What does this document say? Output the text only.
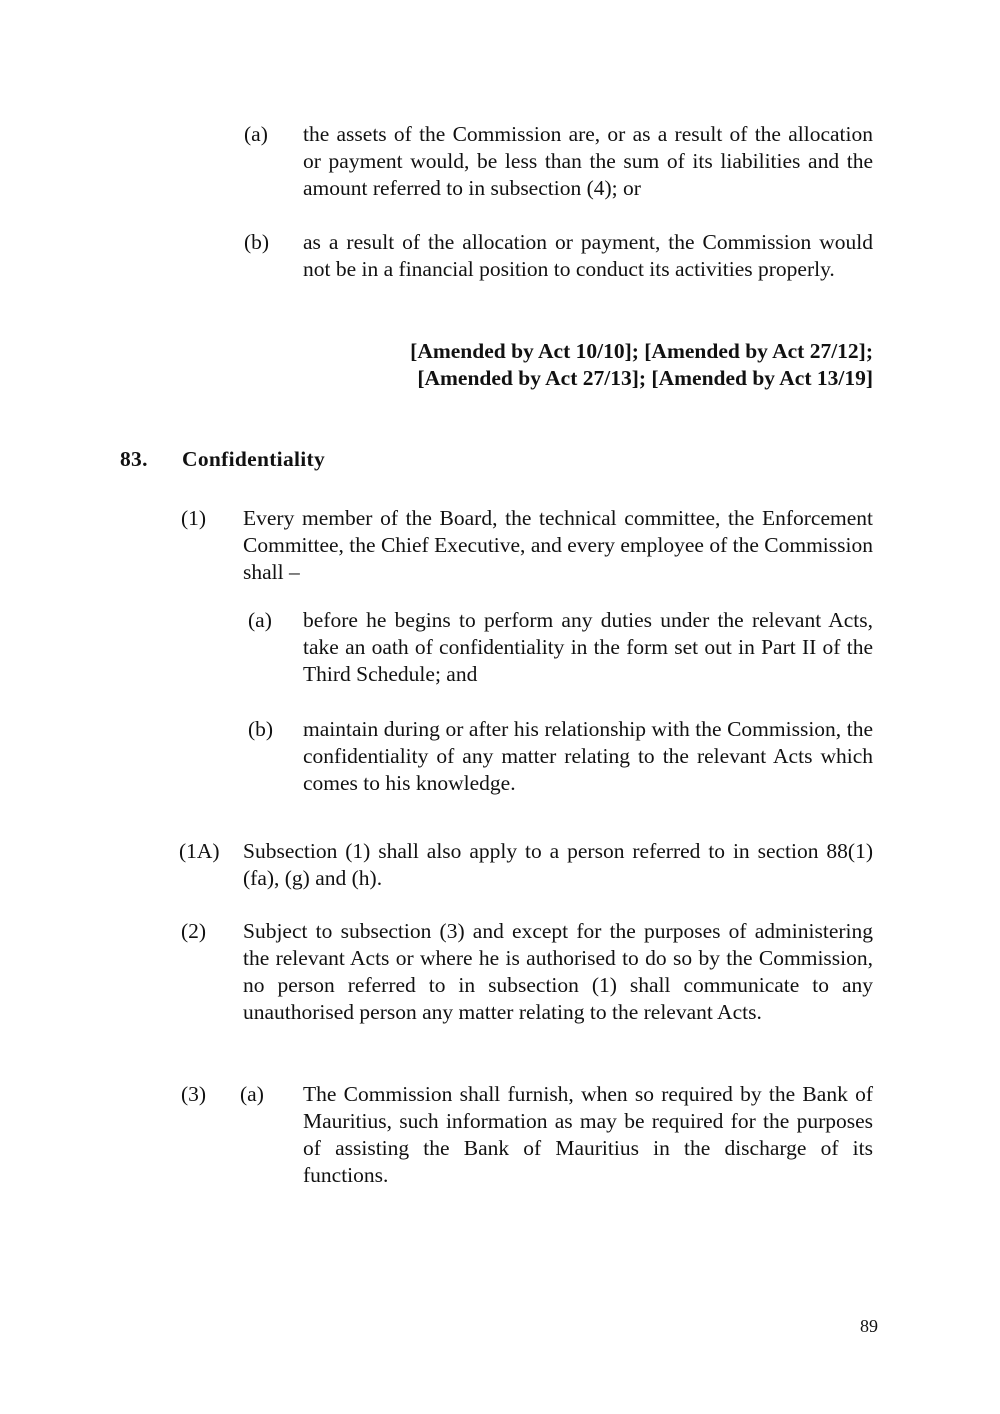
(a) the assets of the Commission are, or as a result of the allocation or payment would, be less than the sum of its liabilities and the amount referred to in subsection (4); or
(b) as a result of the allocation or payment, the Commission would not be in a financial position to conduct its activities properly.
[Amended by Act 10/10]; [Amended by Act 27/12];
[Amended by Act 27/13]; [Amended by Act 13/19]
83. Confidentiality
(1) Every member of the Board, the technical committee, the Enforcement Committee, the Chief Executive, and every employee of the Commission shall –
(a) before he begins to perform any duties under the relevant Acts, take an oath of confidentiality in the form set out in Part II of the Third Schedule; and
(b) maintain during or after his relationship with the Commission, the confidentiality of any matter relating to the relevant Acts which comes to his knowledge.
(1A) Subsection (1) shall also apply to a person referred to in section 88(1)(fa), (g) and (h).
(2) Subject to subsection (3) and except for the purposes of administering the relevant Acts or where he is authorised to do so by the Commission, no person referred to in subsection (1) shall communicate to any unauthorised person any matter relating to the relevant Acts.
(3) (a) The Commission shall furnish, when so required by the Bank of Mauritius, such information as may be required for the purposes of assisting the Bank of Mauritius in the discharge of its functions.
89
